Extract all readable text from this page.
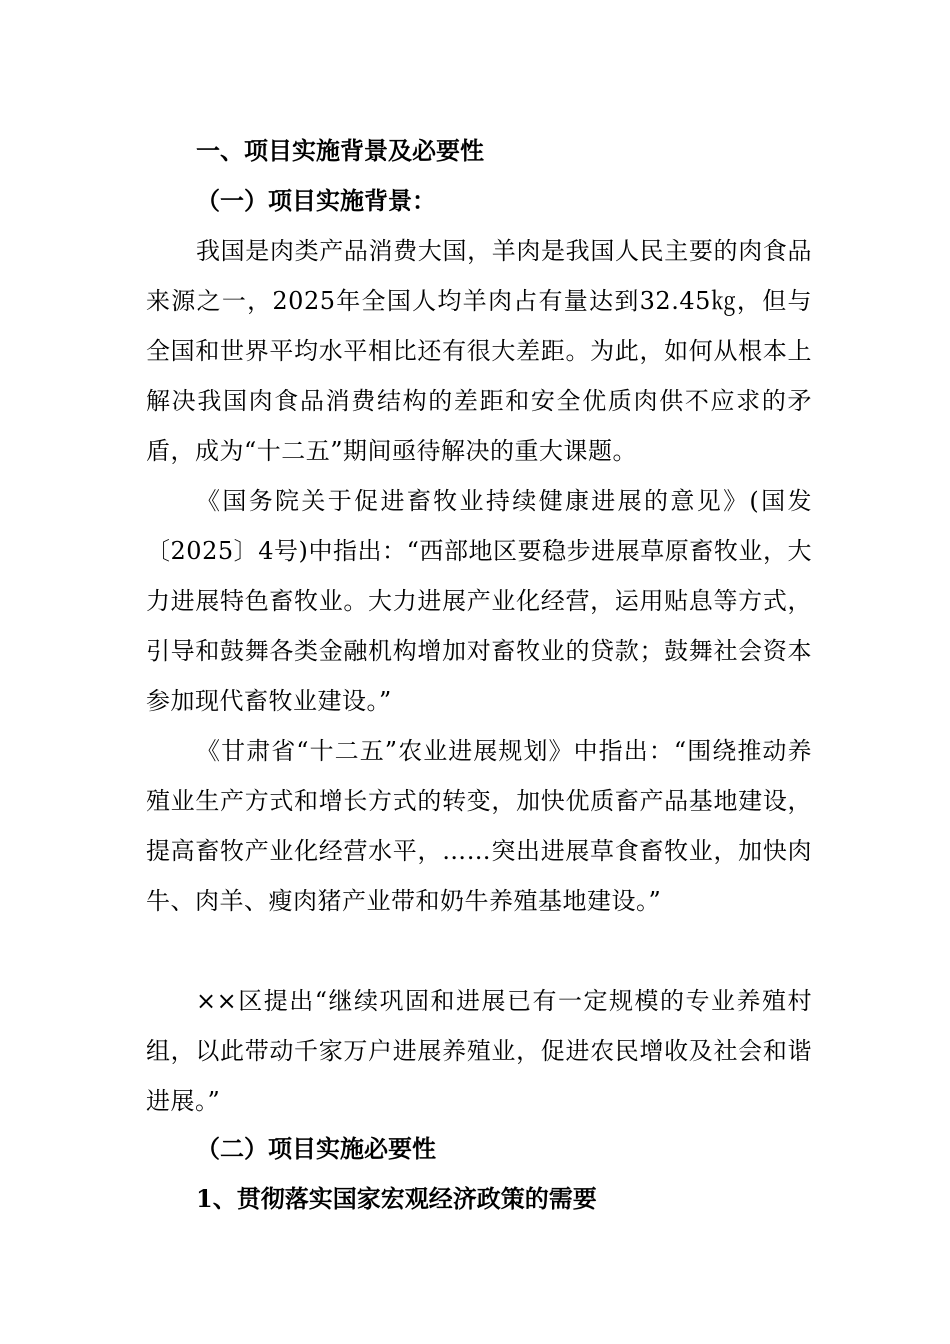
一、项目实施背景及必要性
（一）项目实施背景：

我国是肉类产品消费大国，羊肉是我国人民主要的肉食品来源之一，2025年全国人均羊肉占有量达到32.45㎏，但与全国和世界平均水平相比还有很大差距。为此，如何从根本上解决我国肉食品消费结构的差距和安全优质肉供不应求的矛盾，成为“十二五”期间亟待解决的重大课题。

《国务院关于促进畜牧业持续健康进展的意见》(国发〔2025〕4号)中指出：“西部地区要稳步进展草原畜牧业，大力进展特色畜牧业。大力进展产业化经营，运用贴息等方式，引导和鼓舞各类金融机构增加对畜牧业的贷款；鼓舞社会资本参加现代畜牧业建设。”

《甘肃省“十二五”农业进展规划》中指出：“围绕推动养殖业生产方式和增长方式的转变，加快优质畜产品基地建设，提高畜牧产业化经营水平，……突出进展草食畜牧业，加快肉牛、肉羊、瘦肉猪产业带和奶牛养殖基地建设。”

××区提出“继续巩固和进展已有一定规模的专业养殖村组，以此带动千家万户进展养殖业，促进农民增收及社会和谐进展。”

（二）项目实施必要性
1、贯彻落实国家宏观经济政策的需要
